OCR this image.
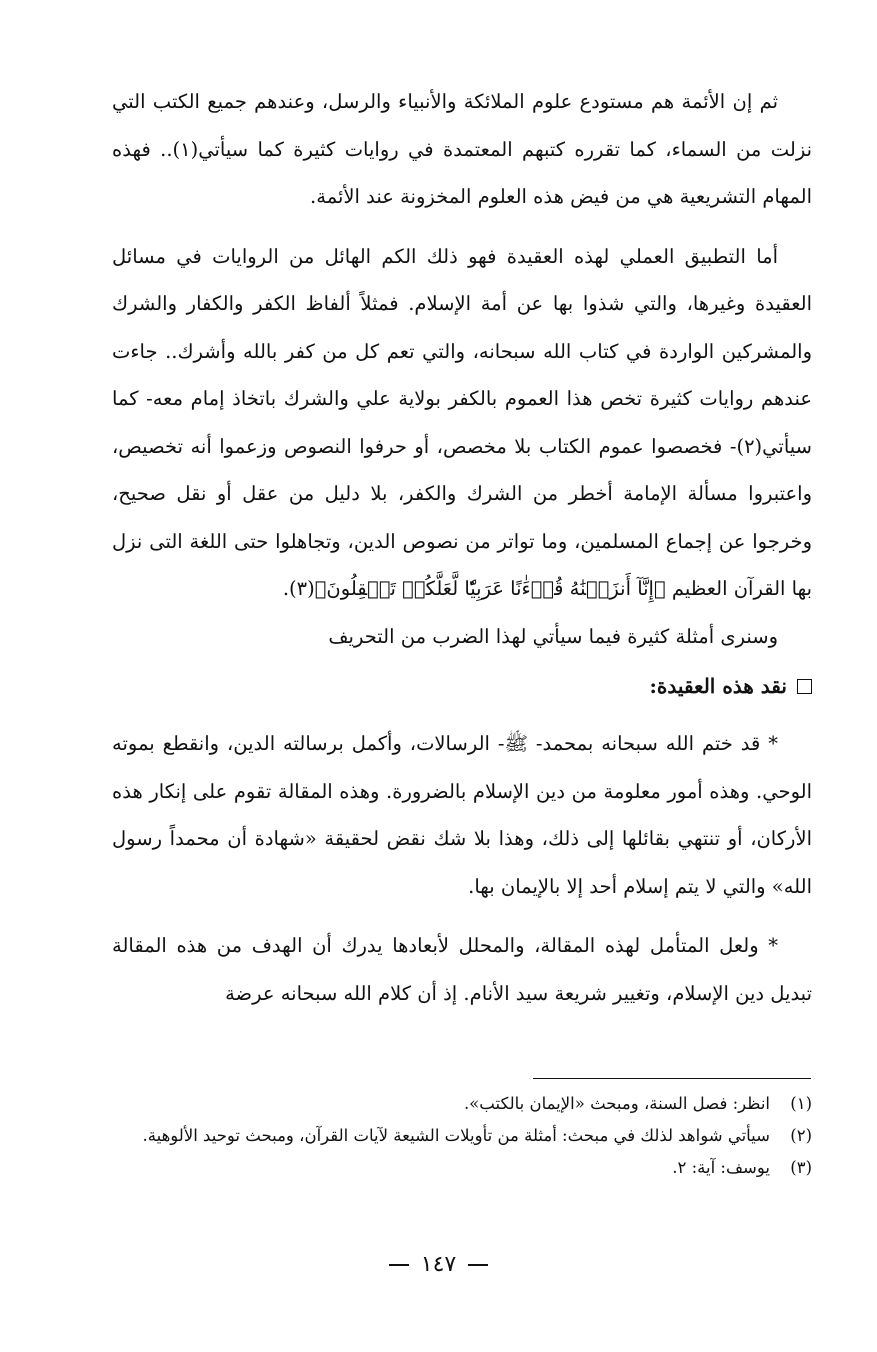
ثم إن الأئمة هم مستودع علوم الملائكة والأنبياء والرسل، وعندهم جميع الكتب التي نزلت من السماء، كما تقرره كتبهم المعتمدة في روايات كثيرة كما سيأتي(١).. فهذه المهام التشريعية هي من فيض هذه العلوم المخزونة عند الأئمة.

أما التطبيق العملي لهذه العقيدة فهو ذلك الكم الهائل من الروايات في مسائل العقيدة وغيرها، والتي شذوا بها عن أمة الإسلام. فمثلاً ألفاظ الكفر والكفار والشرك والمشركين الواردة في كتاب الله سبحانه، والتي تعم كل من كفر بالله وأشرك.. جاءت عندهم روايات كثيرة تخص هذا العموم بالكفر بولاية علي والشرك باتخاذ إمام معه- كما سيأتي(٢)- فخصصوا عموم الكتاب بلا مخصص، أو حرفوا النصوص وزعموا أنه تخصيص، واعتبروا مسألة الإمامة أخطر من الشرك والكفر، بلا دليل من عقل أو نقل صحيح، وخرجوا عن إجماع المسلمين، وما تواتر من نصوص الدين، وتجاهلوا حتى اللغة التى نزل بها القرآن العظيم ﴿إِنَّآ أَنزَلۡنَٰهُ قُرۡءَٰنًا عَرَبِيّٗا لَّعَلَّكُمۡ تَعۡقِلُونَ﴾(٣).

وسنرى أمثلة كثيرة فيما سيأتي لهذا الضرب من التحريف

نقد هذه العقيدة:

* قد ختم الله سبحانه بمحمد- ﷺ- الرسالات، وأكمل برسالته الدين، وانقطع بموته الوحي. وهذه أمور معلومة من دين الإسلام بالضرورة. وهذه المقالة تقوم على إنكار هذه الأركان، أو تنتهي بقائلها إلى ذلك، وهذا بلا شك نقض لحقيقة «شهادة أن محمداً رسول الله» والتي لا يتم إسلام أحد إلا بالإيمان بها.

* ولعل المتأمل لهذه المقالة، والمحلل لأبعادها يدرك أن الهدف من هذه المقالة تبديل دين الإسلام، وتغيير شريعة سيد الأنام. إذ أن كلام الله سبحانه عرضة

(١)
انظر: فصل السنة، ومبحث «الإيمان بالكتب».
(٢)
سيأتي شواهد لذلك في مبحث: أمثلة من تأويلات الشيعة لآيات القرآن، ومبحث توحيد الألوهية.
(٣)
يوسف: آية: ٢.
١٤٧
